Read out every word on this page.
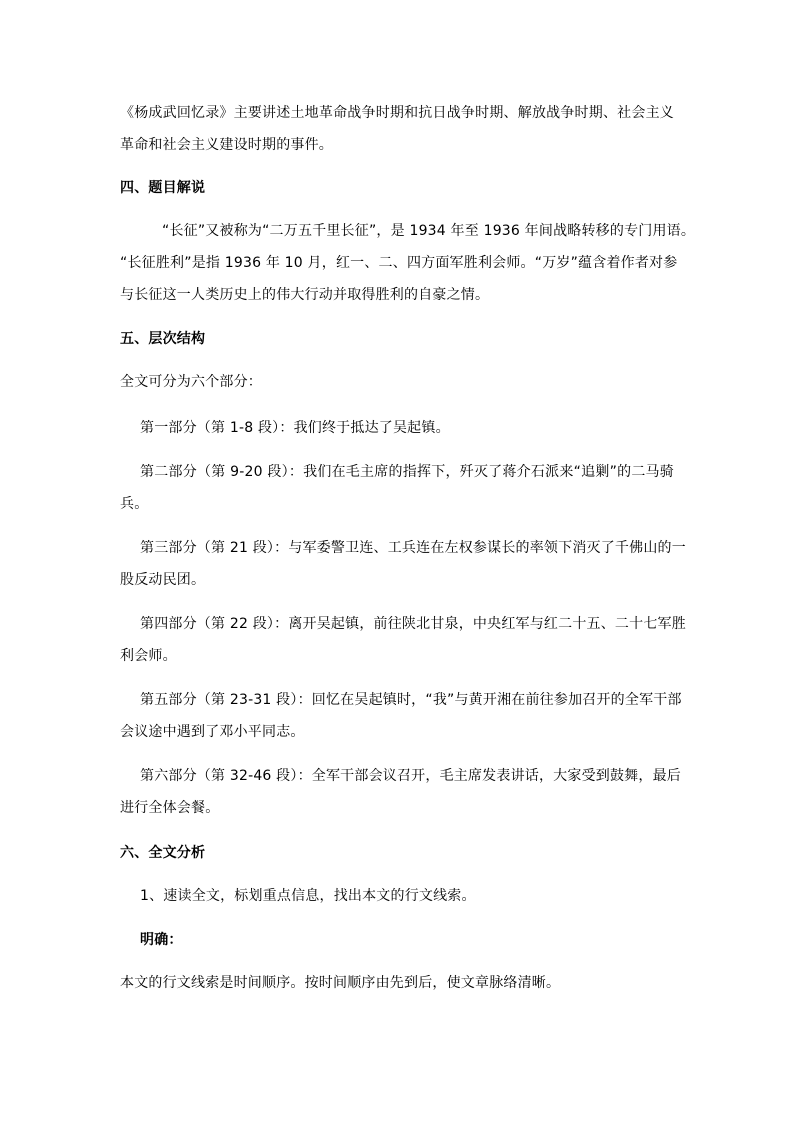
《杨成武回忆录》主要讲述土地革命战争时期和抗日战争时期、解放战争时期、社会主义
革命和社会主义建设时期的事件。
四、题目解说
“长征”又被称为“二万五千里长征”，是 1934 年至 1936 年间战略转移的专门用语。
“长征胜利”是指 1936 年 10 月，红一、二、四方面军胜利会师。“万岁”蕴含着作者对参
与长征这一人类历史上的伟大行动并取得胜利的自豪之情。
五、层次结构
全文可分为六个部分：
第一部分（第 1-8 段）：我们终于抵达了吴起镇。
第二部分（第 9-20 段）：我们在毛主席的指挥下，歼灭了蒋介石派来“追剿”的二马骑
兵。
第三部分（第 21 段）：与军委警卫连、工兵连在左权参谋长的率领下消灭了千佛山的一
股反动民团。
第四部分（第 22 段）：离开吴起镇，前往陕北甘泉，中央红军与红二十五、二十七军胜
利会师。
第五部分（第 23-31 段）：回忆在吴起镇时，“我”与黄开湘在前往参加召开的全军干部
会议途中遇到了邓小平同志。
第六部分（第 32-46 段）：全军干部会议召开，毛主席发表讲话，大家受到鼓舞，最后
进行全体会餐。
六、全文分析
1、速读全文，标划重点信息，找出本文的行文线索。
明确：
本文的行文线索是时间顺序。按时间顺序由先到后，使文章脉络清晰。
